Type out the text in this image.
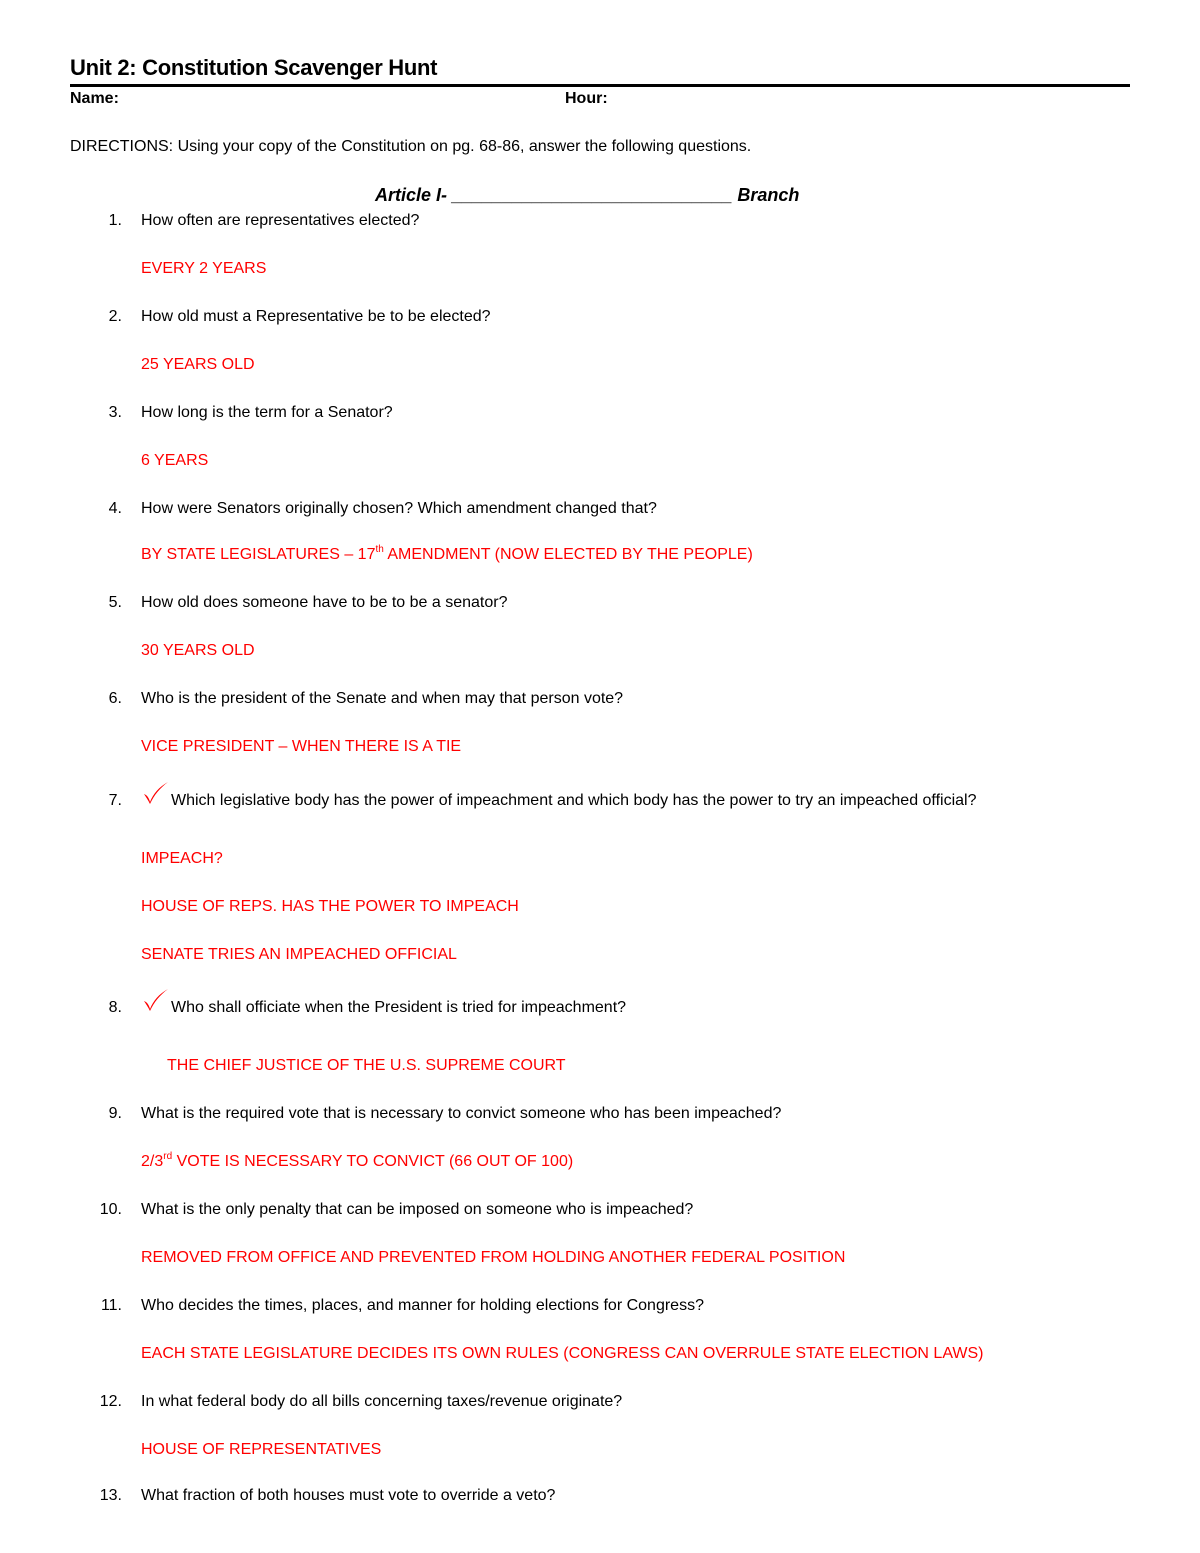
Unit 2: Constitution Scavenger Hunt
Name:	Hour:
DIRECTIONS: Using your copy of the Constitution on pg. 68-86, answer the following questions.
Article I- ____________________________ Branch
1. How often are representatives elected?
EVERY 2 YEARS
2. How old must a Representative be to be elected?
25 YEARS OLD
3. How long is the term for a Senator?
6 YEARS
4. How were Senators originally chosen? Which amendment changed that?
BY STATE LEGISLATURES – 17th AMENDMENT (NOW ELECTED BY THE PEOPLE)
5. How old does someone have to be to be a senator?
30 YEARS OLD
6. Who is the president of the Senate and when may that person vote?
VICE PRESIDENT – WHEN THERE IS A TIE
7.	Which legislative body has the power of impeachment and which body has the power to try an impeached official?
IMPEACH?
HOUSE OF REPS. HAS THE POWER TO IMPEACH
SENATE TRIES AN IMPEACHED OFFICIAL
8.	Who shall officiate when the President is tried for impeachment?
THE CHIEF JUSTICE OF THE U.S. SUPREME COURT
9. What is the required vote that is necessary to convict someone who has been impeached?
2/3rd VOTE IS NECESSARY TO CONVICT (66 OUT OF 100)
10. What is the only penalty that can be imposed on someone who is impeached?
REMOVED FROM OFFICE AND PREVENTED FROM HOLDING ANOTHER FEDERAL POSITION
11. Who decides the times, places, and manner for holding elections for Congress?
EACH STATE LEGISLATURE DECIDES ITS OWN RULES (CONGRESS CAN OVERRULE STATE ELECTION LAWS)
12. In what federal body do all bills concerning taxes/revenue originate?
HOUSE OF REPRESENTATIVES
13. What fraction of both houses must vote to override a veto?
